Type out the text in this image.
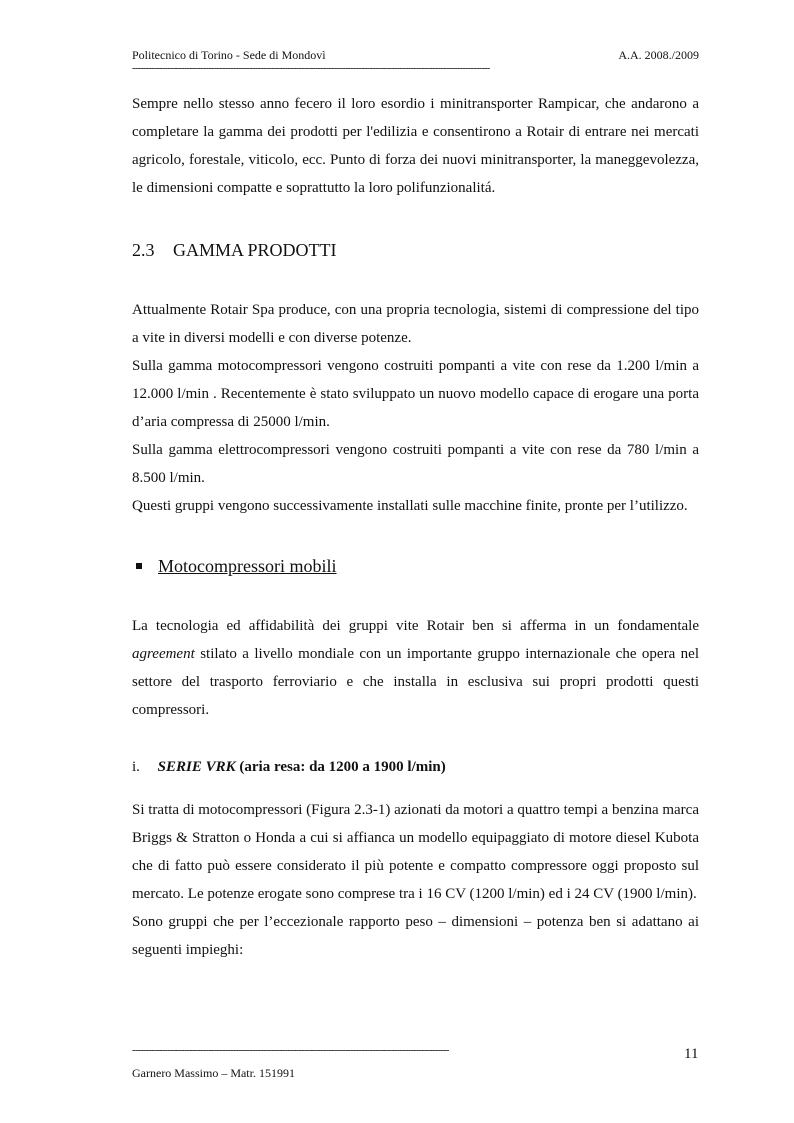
Politecnico di Torino - Sede di Mondovì	A.A. 2008./2009
-----------------------------------------------------------------------------------------------------------------------------------

Sempre nello stesso anno fecero il loro esordio i minitransporter Rampicar, che andarono a completare la gamma dei prodotti per l'edilizia e consentirono a Rotair di entrare nei mercati agricolo, forestale, viticolo, ecc. Punto di forza dei nuovi minitransporter, la maneggevolezza, le dimensioni compatte e soprattutto la loro polifunzionalitá.

2.3 GAMMA PRODOTTI

Attualmente Rotair Spa produce, con una propria tecnologia, sistemi di compressione del tipo a vite in diversi modelli e con diverse potenze.

Sulla gamma motocompressori vengono costruiti pompanti a vite con rese da 1.200 l/min a 12.000 l/min . Recentemente è stato sviluppato un nuovo modello capace di erogare una porta d’aria compressa di 25000 l/min.

Sulla gamma elettrocompressori vengono costruiti pompanti a vite con rese da 780 l/min a 8.500 l/min.

Questi gruppi vengono successivamente installati sulle macchine finite, pronte per l’utilizzo.

Motocompressori mobili

La tecnologia ed affidabilità dei gruppi vite Rotair ben si afferma in un fondamentale agreement stilato a livello mondiale con un importante gruppo internazionale che opera nel settore del trasporto ferroviario e che installa in esclusiva sui propri prodotti questi compressori.

i. SERIE VRK (aria resa: da 1200 a 1900 l/min)

Si tratta di motocompressori (Figura 2.3-1) azionati da motori a quattro tempi a benzina marca Briggs & Stratton o Honda a cui si affianca un modello equipaggiato di motore diesel Kubota che di fatto può essere considerato il più potente e compatto compressore oggi proposto sul mercato. Le potenze erogate sono comprese tra i 16 CV (1200 l/min) ed i 24 CV (1900 l/min).

Sono gruppi che per l’eccezionale rapporto peso – dimensioni – potenza ben si adattano ai seguenti impieghi:

--------------------------------------------------------------------------------------------------------------------
Garnero Massimo – Matr. 151991
11
